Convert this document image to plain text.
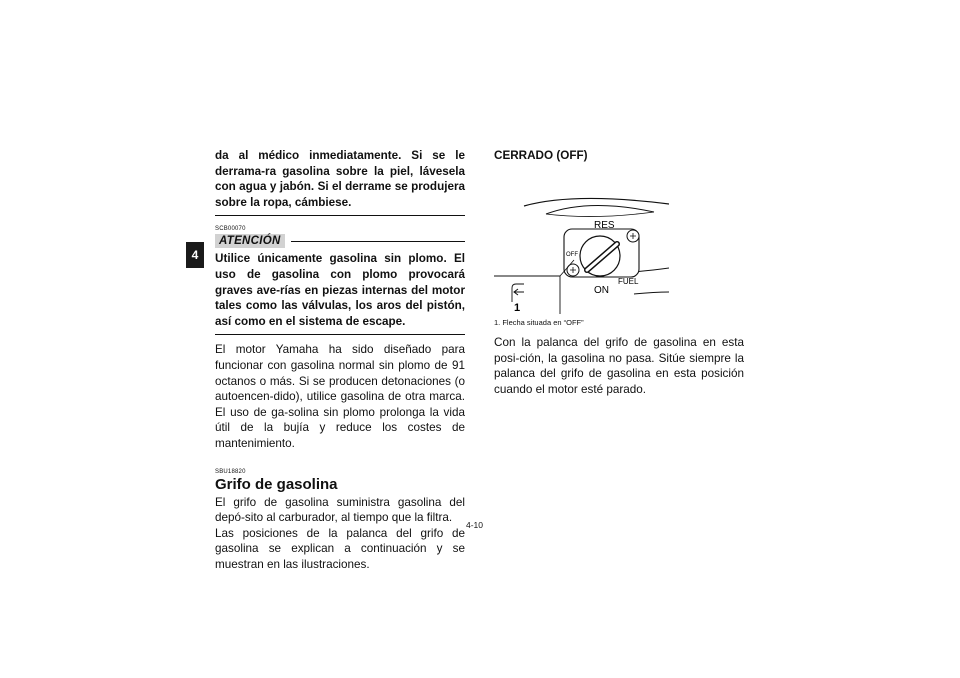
4

da al médico inmediatamente. Si se le derrama-ra gasolina sobre la piel, lávesela con agua y jabón. Si el derrame se produjera sobre la ropa, cámbiese.

SCB00070

ATENCIÓN

Utilice únicamente gasolina sin plomo. El uso de gasolina con plomo provocará graves ave-rías en piezas internas del motor tales como las válvulas, los aros del pistón, así como en el sistema de escape.

El motor Yamaha ha sido diseñado para funcionar con gasolina normal sin plomo de 91 octanos o más. Si se producen detonaciones (o autoencen-dido), utilice gasolina de otra marca. El uso de ga-solina sin plomo prolonga la vida útil de la bujía y reduce los costes de mantenimiento.

SBU18820

Grifo de gasolina

El grifo de gasolina suministra gasolina del depó-sito al carburador, al tiempo que la filtra.

Las posiciones de la palanca del grifo de gasolina se explican a continuación y se muestran en las ilustraciones.

CERRADO (OFF)

RES
ON
FUEL
OFF
1

1. Flecha situada en “OFF”

Con la palanca del grifo de gasolina en esta posi-ción, la gasolina no pasa. Sitúe siempre la palanca del grifo de gasolina en esta posición cuando el motor esté parado.

4-10
